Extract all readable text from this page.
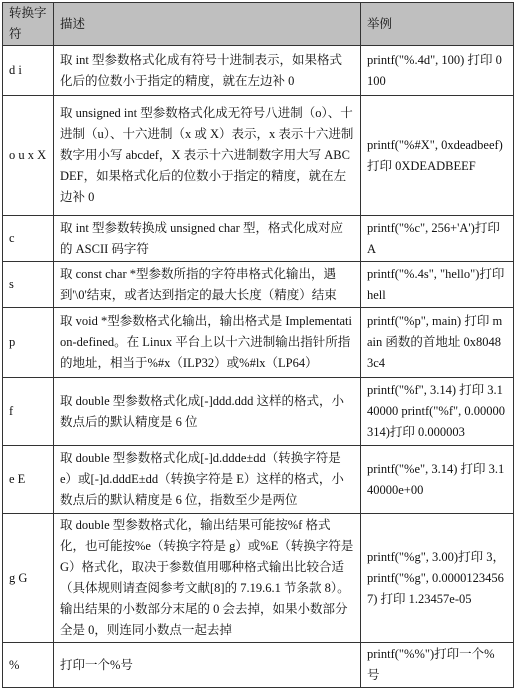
转换字符	描述	举例
d i	取 int 型参数格式化成有符号十进制表示，如果格式化后的位数小于指定的精度，就在左边补 0	printf("%.4d", 100) 打印 0100
o u x X	取 unsigned int 型参数格式化成无符号八进制（o）、十进制（u）、十六进制（x 或 X）表示，x 表示十六进制数字用小写 abcdef，X 表示十六进制数字用大写 ABCDEF，如果格式化后的位数小于指定的精度，就在左边补 0	printf("%#X", 0xdeadbeef) 打印 0XDEADBEEF
c	取 int 型参数转换成 unsigned char 型，格式化成对应的 ASCII 码字符	printf("%c", 256+'A')打印 A
s	取 const char *型参数所指的字符串格式化输出，遇到'\0'结束，或者达到指定的最大长度（精度）结束	printf("%.4s", "hello")打印 hell
p	取 void *型参数格式化输出，输出格式是 Implementation-defined。在 Linux 平台上以十六进制输出指针所指的地址，相当于%#x（ILP32）或%#lx（LP64）	printf("%p", main) 打印 main 函数的首地址 0x80483c4
f	取 double 型参数格式化成[-]ddd.ddd 这样的格式，小数点后的默认精度是 6 位	printf("%f", 3.14) 打印 3.140000 printf("%f", 0.00000314)打印 0.000003
e E	取 double 型参数格式化成[-]d.ddde±dd（转换字符是 e）或[-]d.dddE±dd（转换字符是 E）这样的格式，小数点后的默认精度是 6 位，指数至少是两位	printf("%e", 3.14) 打印 3.140000e+00
g G	取 double 型参数格式化，输出结果可能按%f 格式化，也可能按%e（转换字符是 g）或%E（转换字符是 G）格式化，取决于参数值用哪种格式输出比较合适（具体规则请查阅参考文献[8]的 7.19.6.1 节条款 8）。输出结果的小数部分末尾的 0 会去掉，如果小数部分全是 0，则连同小数点一起去掉	printf("%g", 3.00)打印 3，printf("%g", 0.00001234567) 打印 1.23457e-05
%	打印一个%号	printf("%%")打印一个%号
